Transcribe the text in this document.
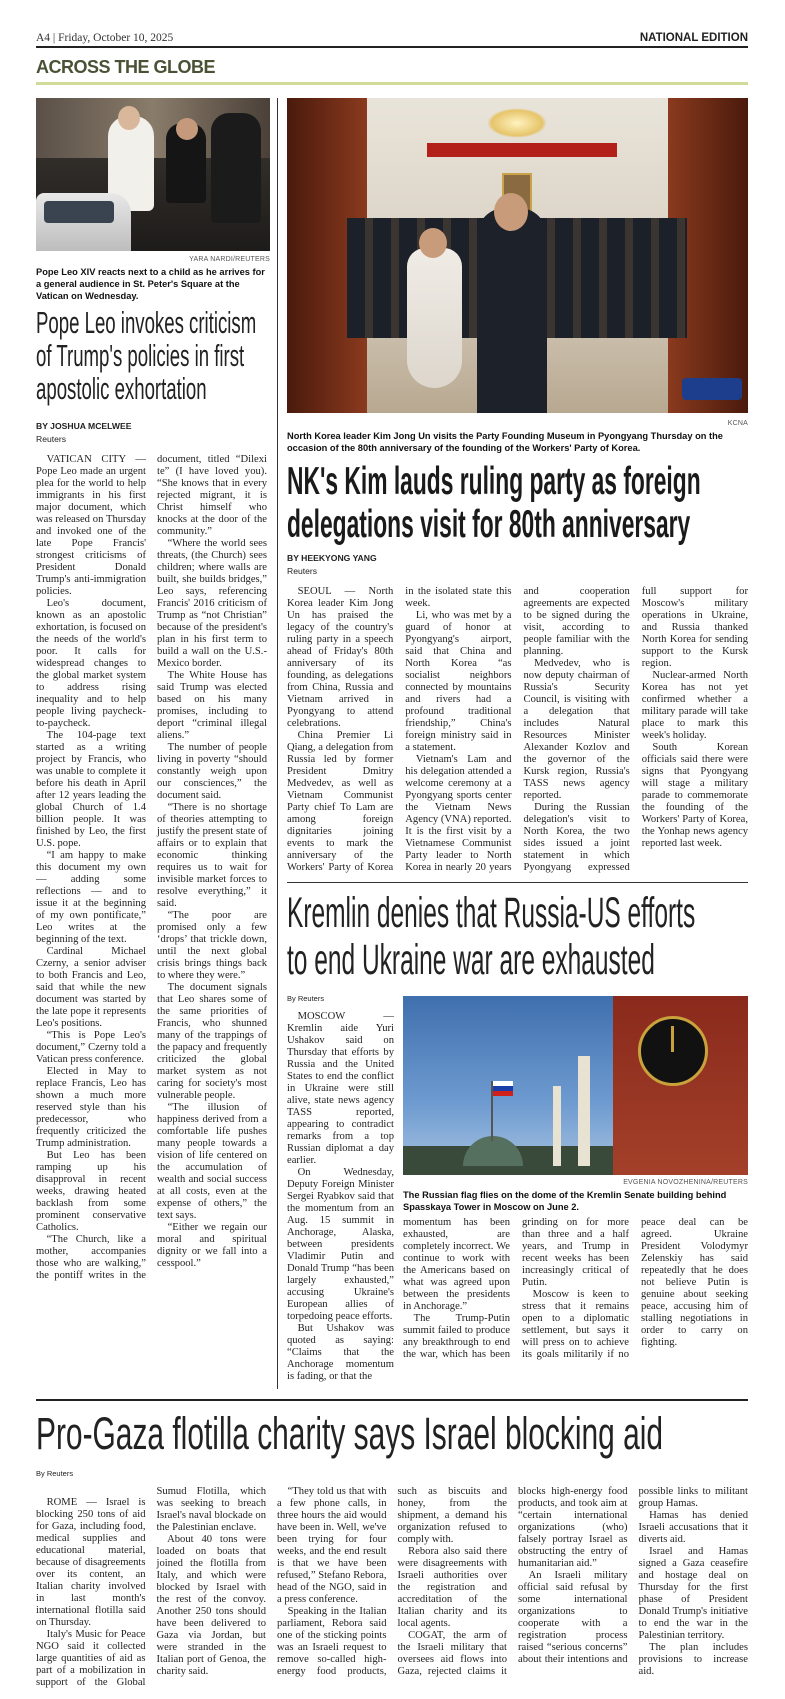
A4 | Friday, October 10, 2025	NATIONAL EDITION
ACROSS THE GLOBE
YARA NARDI/REUTERS
Pope Leo XIV reacts next to a child as he arrives for a general audience in St. Peter's Square at the Vatican on Wednesday.
Pope Leo invokes criticism
of Trump's policies in first
apostolic exhortation
BY JOSHUA MCELWEE
Reuters

VATICAN CITY — Pope Leo made an urgent plea for the world to help immigrants in his first major document, which was released on Thursday and invoked one of the late Pope Francis' strongest criticisms of President Donald Trump's anti-immigration policies.

Leo's document, known as an apostolic exhortation, is focused on the needs of the world's poor. It calls for widespread changes to the global market system to address rising inequality and to help people living paycheck-to-paycheck.

The 104-page text started as a writing project by Francis, who was unable to complete it before his death in April after 12 years leading the global Church of 1.4 billion people. It was finished by Leo, the first U.S. pope.

“I am happy to make this document my own — adding some reflections — and to issue it at the beginning of my own pontificate,” Leo writes at the beginning of the text.

Cardinal Michael Czerny, a senior adviser to both Francis and Leo, said that while the new document was started by the late pope it represents Leo's positions.

“This is Pope Leo's document,” Czerny told a Vatican press conference.

Elected in May to replace Francis, Leo has shown a much more reserved style than his predecessor, who frequently criticized the Trump administration.

But Leo has been ramping up his disapproval in recent weeks, drawing heated backlash from some prominent conservative Catholics.

“The Church, like a mother, accompanies those who are walking,” the pontiff writes in the document, titled “Dilexi te” (I have loved you). “She knows that in every rejected migrant, it is Christ himself who knocks at the door of the community.”

“Where the world sees threats, (the Church) sees children; where walls are built, she builds bridges,” Leo says, referencing Francis' 2016 criticism of Trump as “not Christian” because of the president's plan in his first term to build a wall on the U.S.-Mexico border.

The White House has said Trump was elected based on his many promises, including to deport “criminal illegal aliens.”

The number of people living in poverty “should constantly weigh upon our consciences,” the document said.

“There is no shortage of theories attempting to justify the present state of affairs or to explain that economic thinking requires us to wait for invisible market forces to resolve everything,” it said.

“The poor are promised only a few ‘drops’ that trickle down, until the next global crisis brings things back to where they were.”

The document signals that Leo shares some of the same priorities of Francis, who shunned many of the trappings of the papacy and frequently criticized the global market system as not caring for society's most vulnerable people.

“The illusion of happiness derived from a comfortable life pushes many people towards a vision of life centered on the accumulation of wealth and social success at all costs, even at the expense of others,” the text says.

“Either we regain our moral and spiritual dignity or we fall into a cesspool.”

KCNA
North Korea leader Kim Jong Un visits the Party Founding Museum in Pyongyang Thursday on the occasion of the 80th anniversary of the founding of the Workers' Party of Korea.
NK's Kim lauds ruling party as foreign
delegations visit for 80th anniversary
BY HEEKYONG YANG
Reuters

SEOUL — North Korea leader Kim Jong Un has praised the legacy of the country's ruling party in a speech ahead of Friday's 80th anniversary of its founding, as delegations from China, Russia and Vietnam arrived in Pyongyang to attend celebrations.

China Premier Li Qiang, a delegation from Russia led by former President Dmitry Medvedev, as well as Vietnam Communist Party chief To Lam are among foreign dignitaries joining events to mark the anniversary of the Workers' Party of Korea in the isolated state this week.

Li, who was met by a guard of honor at Pyongyang's airport, said that China and North Korea “as socialist neighbors connected by mountains and rivers had a profound traditional friendship,” China's foreign ministry said in a statement.

Vietnam's Lam and his delegation attended a welcome ceremony at a Pyongyang sports center the Vietnam News Agency (VNA) reported. It is the first visit by a Vietnamese Communist Party leader to North Korea in nearly 20 years and cooperation agreements are expected to be signed during the visit, according to people familiar with the planning.

Medvedev, who is now deputy chairman of Russia's Security Council, is visiting with a delegation that includes Natural Resources Minister Alexander Kozlov and the governor of the Kursk region, Russia's TASS news agency reported.

During the Russian delegation's visit to North Korea, the two sides issued a joint statement in which Pyongyang expressed full support for Moscow's military operations in Ukraine, and Russia thanked North Korea for sending support to the Kursk region.

Nuclear-armed North Korea has not yet confirmed whether a military parade will take place to mark this week's holiday.

South Korean officials said there were signs that Pyongyang will stage a military parade to commemorate the founding of the Workers' Party of Korea, the Yonhap news agency reported last week.

Kremlin denies that Russia-US efforts
to end Ukraine war are exhausted
By Reuters

MOSCOW — Kremlin aide Yuri Ushakov said on Thursday that efforts by Russia and the United States to end the conflict in Ukraine were still alive, state news agency TASS reported, appearing to contradict remarks from a top Russian diplomat a day earlier.

On Wednesday, Deputy Foreign Minister Sergei Ryabkov said that the momentum from an Aug. 15 summit in Anchorage, Alaska, between presidents Vladimir Putin and Donald Trump “has been largely exhausted,” accusing Ukraine's European allies of torpedoing peace efforts.

But Ushakov was quoted as saying: “Claims that the Anchorage momentum is fading, or that the

EVGENIA NOVOZHENINA/REUTERS
The Russian flag flies on the dome of the Kremlin Senate building behind Spasskaya Tower in Moscow on June 2.

momentum has been exhausted, are completely incorrect. We continue to work with the Americans based on what was agreed upon between the presidents in Anchorage.”

The Trump-Putin summit failed to produce any breakthrough to end the war, which has been grinding on for more than three and a half years, and Trump in recent weeks has been increasingly critical of Putin.

Moscow is keen to stress that it remains open to a diplomatic settlement, but says it will press on to achieve its goals militarily if no peace deal can be agreed. Ukraine President Volodymyr Zelenskiy has said repeatedly that he does not believe Putin is genuine about seeking peace, accusing him of stalling negotiations in order to carry on fighting.

Pro-Gaza flotilla charity says Israel blocking aid
By Reuters

ROME — Israel is blocking 250 tons of aid for Gaza, including food, medical supplies and educational material, because of disagreements over its content, an Italian charity involved in last month's international flotilla said on Thursday.

Italy's Music for Peace NGO said it collected large quantities of aid as part of a mobilization in support of the Global Sumud Flotilla, which was seeking to breach Israel's naval blockade on the Palestinian enclave.

About 40 tons were loaded on boats that joined the flotilla from Italy, and which were blocked by Israel with the rest of the convoy. Another 250 tons should have been delivered to Gaza via Jordan, but were stranded in the Italian port of Genoa, the charity said.

“They told us that with a few phone calls, in three hours the aid would have been in. Well, we've been trying for four weeks, and the end result is that we have been refused,” Stefano Rebora, head of the NGO, said in a press conference.

Speaking in the Italian parliament, Rebora said one of the sticking points was an Israeli request to remove so-called high-energy food products, such as biscuits and honey, from the shipment, a demand his organization refused to comply with.

Rebora also said there were disagreements with Israeli authorities over the registration and accreditation of the Italian charity and its local agents.

COGAT, the arm of the Israeli military that oversees aid flows into Gaza, rejected claims it blocks high-energy food products, and took aim at “certain international organizations (who) falsely portray Israel as obstructing the entry of humanitarian aid.”

An Israeli military official said refusal by some international organizations to cooperate with a registration process raised “serious concerns” about their intentions and possible links to militant group Hamas.

Hamas has denied Israeli accusations that it diverts aid.

Israel and Hamas signed a Gaza ceasefire and hostage deal on Thursday for the first phase of President Donald Trump's initiative to end the war in the Palestinian territory.

The plan includes provisions to increase aid.
